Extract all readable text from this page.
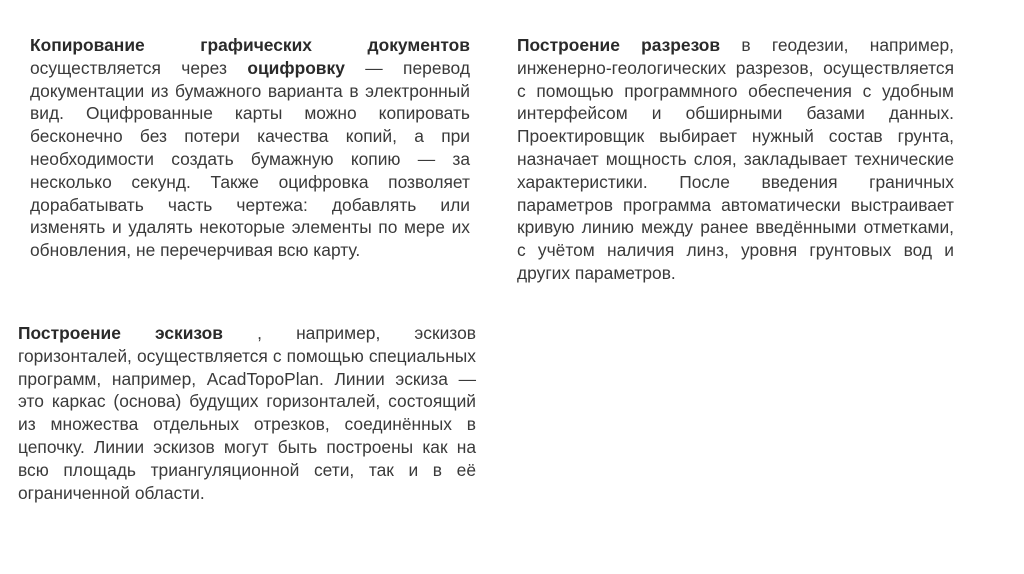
Копирование графических документов осуществляется через оцифровку — перевод документации из бумажного варианта в электронный вид. Оцифрованные карты можно копировать бесконечно без потери качества копий, а при необходимости создать бумажную копию — за несколько секунд. Также оцифровка позволяет дорабатывать часть чертежа: добавлять или изменять и удалять некоторые элементы по мере их обновления, не перечерчивая всю карту.
Построение эскизов , например, эскизов горизонталей, осуществляется с помощью специальных программ, например, AcadTopoPlan. Линии эскиза — это каркас (основа) будущих горизонталей, состоящий из множества отдельных отрезков, соединённых в цепочку. Линии эскизов могут быть построены как на всю площадь триангуляционной сети, так и в её ограниченной области.
Построение разрезов в геодезии, например, инженерно-геологических разрезов, осуществляется с помощью программного обеспечения с удобным интерфейсом и обширными базами данных. Проектировщик выбирает нужный состав грунта, назначает мощность слоя, закладывает технические характеристики. После введения граничных параметров программа автоматически выстраивает кривую линию между ранее введёнными отметками, с учётом наличия линз, уровня грунтовых вод и других параметров.
